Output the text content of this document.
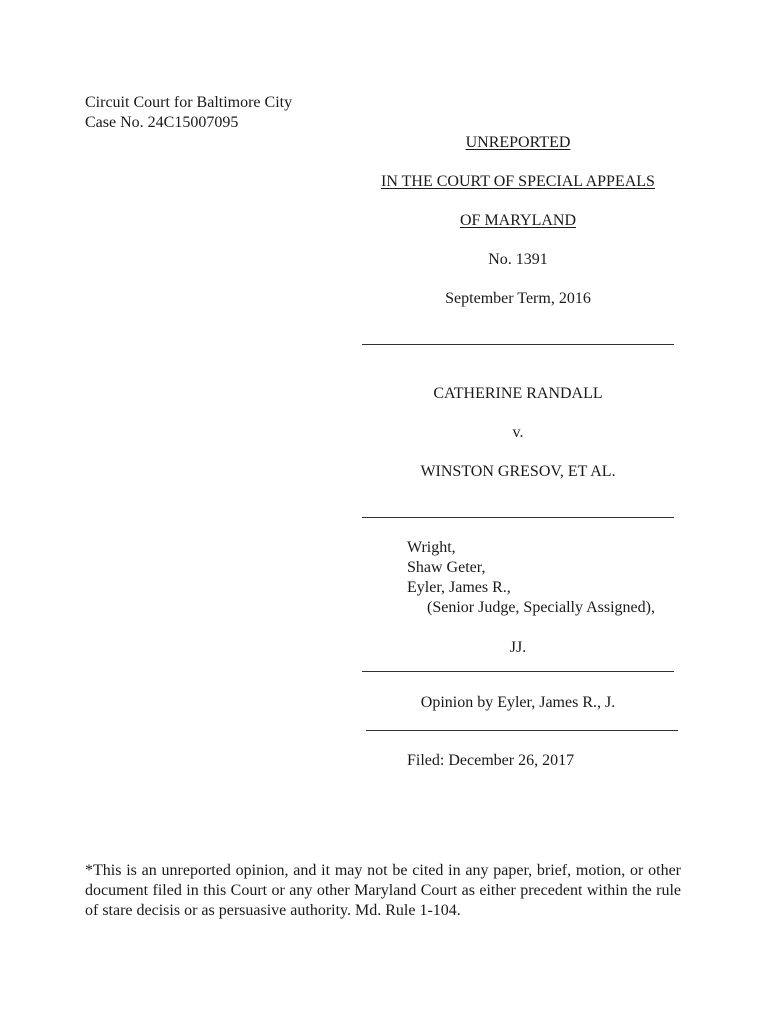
Circuit Court for Baltimore City
Case No. 24C15007095
UNREPORTED
IN THE COURT OF SPECIAL APPEALS
OF MARYLAND
No. 1391
September Term, 2016
CATHERINE RANDALL
v.
WINSTON GRESOV, ET AL.
Wright,
Shaw Geter,
Eyler, James R.,
(Senior Judge, Specially Assigned),
JJ.
Opinion by Eyler, James R., J.
Filed: December 26, 2017
*This is an unreported opinion, and it may not be cited in any paper, brief, motion, or other document filed in this Court or any other Maryland Court as either precedent within the rule of stare decisis or as persuasive authority. Md. Rule 1-104.
